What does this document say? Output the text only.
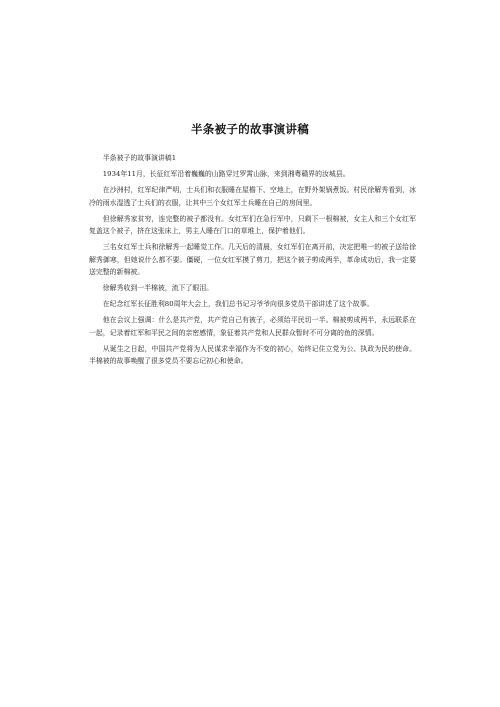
半条被子的故事演讲稿

半条被子的故事演讲稿1

1934年11月，长征红军沿着巍巍的山路穿过罗霄山脉，来到湘粤赣界的汝城县。

在沙洲村，红军纪律严明，士兵们和衣服睡在屋檐下、空地上，在野外架锅煮饭。村民徐解秀看到，冰冷的雨水湿透了士兵们的衣服，让其中三个女红军士兵睡在自己的房间里。

但徐解秀家贫穷，连完整的被子都没有。女红军们在急行军中，只剩下一根棉被，女主人和三个女红军复盖这个被子，挤在这张床上，男主人睡在门口的草堆上，保护着他们。

三名女红军士兵和徐解秀一起睡觉工作。几天后的清晨，女红军们在离开前，决定把唯一的被子送给徐解秀御寒，但她说什么都不要。僵硬，一位女红军摸了剪刀，把这个被子剪成两半，革命成功后，我一定要送完整的新棉被。

徐解秀收到一半棉被，流下了眼泪。

在纪念红军长征胜利80周年大会上，我们总书记习爷爷向很多党员干部讲述了这个故事。

他在会议上强调：什么是共产党，共产党自己有被子，必须给平民切一半。棉被剪成两半，永远联系在一起，记录着红军和平民之间的亲密感情，象征着共产党和人民群众暂时不可分离的鱼的深情。

从诞生之日起，中国共产党将为人民谋求幸福作为不变的初心，始终记住立党为公、执政为民的使命。半棉被的故事唤醒了很多党员不要忘记初心和使命。
